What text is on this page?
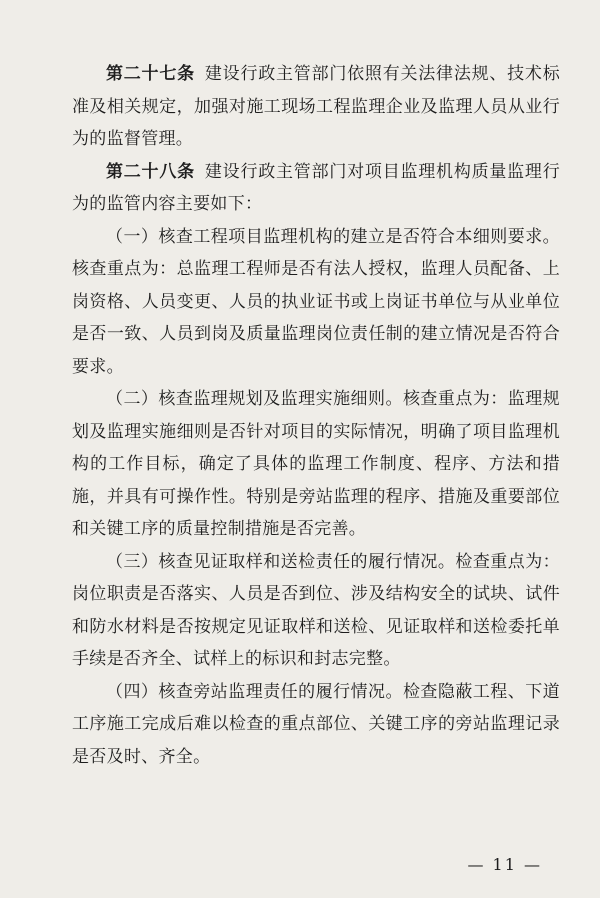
第二十七条 建设行政主管部门依照有关法律法规、技术标准及相关规定，加强对施工现场工程监理企业及监理人员从业行为的监督管理。

第二十八条 建设行政主管部门对项目监理机构质量监理行为的监管内容主要如下：

（一）核查工程项目监理机构的建立是否符合本细则要求。核查重点为：总监理工程师是否有法人授权，监理人员配备、上岗资格、人员变更、人员的执业证书或上岗证书单位与从业单位是否一致、人员到岗及质量监理岗位责任制的建立情况是否符合要求。

（二）核查监理规划及监理实施细则。核查重点为：监理规划及监理实施细则是否针对项目的实际情况，明确了项目监理机构的工作目标，确定了具体的监理工作制度、程序、方法和措施，并具有可操作性。特别是旁站监理的程序、措施及重要部位和关键工序的质量控制措施是否完善。

（三）核查见证取样和送检责任的履行情况。检查重点为：岗位职责是否落实、人员是否到位、涉及结构安全的试块、试件和防水材料是否按规定见证取样和送检、见证取样和送检委托单手续是否齐全、试样上的标识和封志完整。

（四）核查旁站监理责任的履行情况。检查隐蔽工程、下道工序施工完成后难以检查的重点部位、关键工序的旁站监理记录是否及时、齐全。

— 11 —
